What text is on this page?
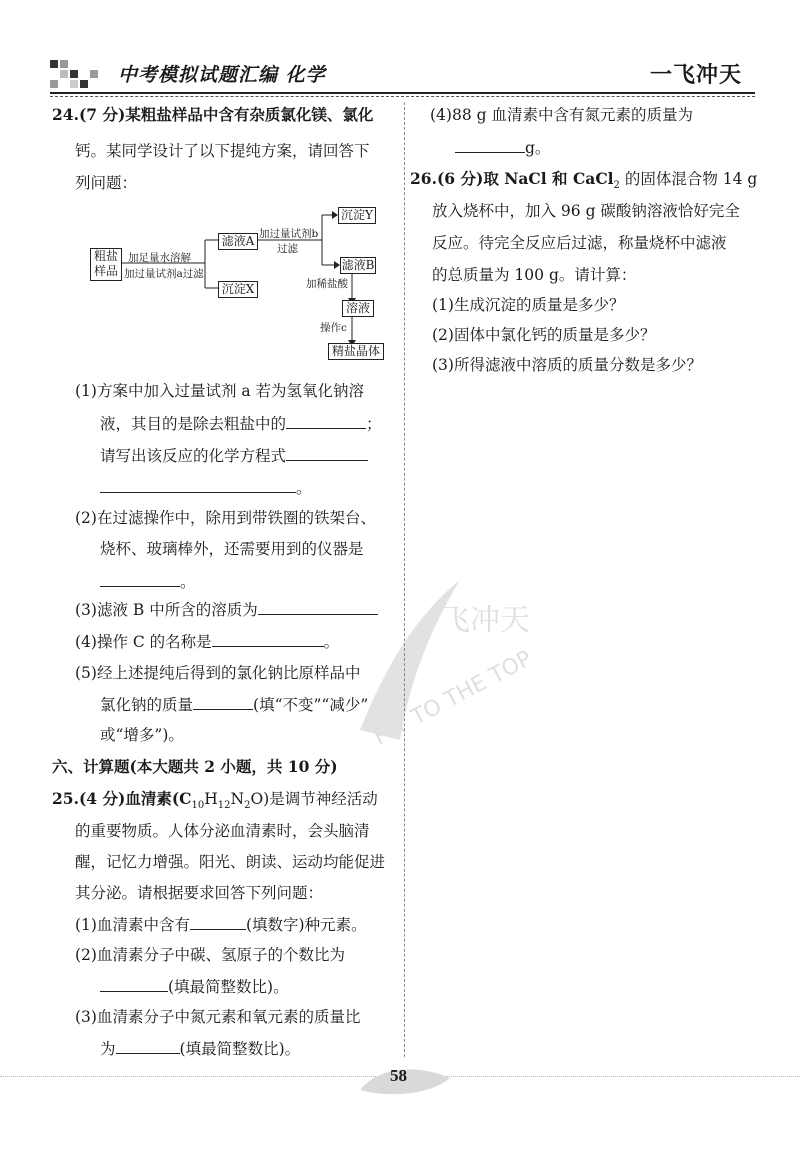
中考模拟试题汇编 化学	一飞冲天
飞冲天
FLY TO THE TOP
24.(7 分)某粗盐样品中含有杂质氯化镁、氯化
钙。某同学设计了以下提纯方案，请回答下
列问题：
粗盐
样品
加足量水溶解
加过量试剂a过滤
滤液A
沉淀X
加过量试剂b
过滤
沉淀Y
滤液B
加稀盐酸
溶液
操作c
精盐晶体
(1)方案中加入过量试剂 a 若为氢氧化钠溶
液，其目的是除去粗盐中的	；
请写出该反应的化学方程式
。
(2)在过滤操作中，除用到带铁圈的铁架台、
烧杯、玻璃棒外，还需要用到的仪器是
。
(3)滤液 B 中所含的溶质为
(4)操作 C 的名称是	。
(5)经上述提纯后得到的氯化钠比原样品中
氯化钠的质量	(填“不变”“减少”
或“增多”)。
六、计算题(本大题共 2 小题，共 10 分)
25.(4 分)血清素$(C_{10}H_{12}N_2O)$是调节神经活动
的重要物质。人体分泌血清素时，会头脑清
醒，记忆力增强。阳光、朗读、运动均能促进
其分泌。请根据要求回答下列问题：
(1)血清素中含有	(填数字)种元素。
(2)血清素分子中碳、氢原子的个数比为
(填最简整数比)。
(3)血清素分子中氮元素和氧元素的质量比
为	(填最简整数比)。
(4)88 g 血清素中含有氮元素的质量为
g。
26.(6 分)取 NaCl 和 CaCl$_2$ 的固体混合物 14 g
放入烧杯中，加入 96 g 碳酸钠溶液恰好完全
反应。待完全反应后过滤，称量烧杯中滤液
的总质量为 100 g。请计算：
(1)生成沉淀的质量是多少？
(2)固体中氯化钙的质量是多少？
(3)所得滤液中溶质的质量分数是多少？
58
